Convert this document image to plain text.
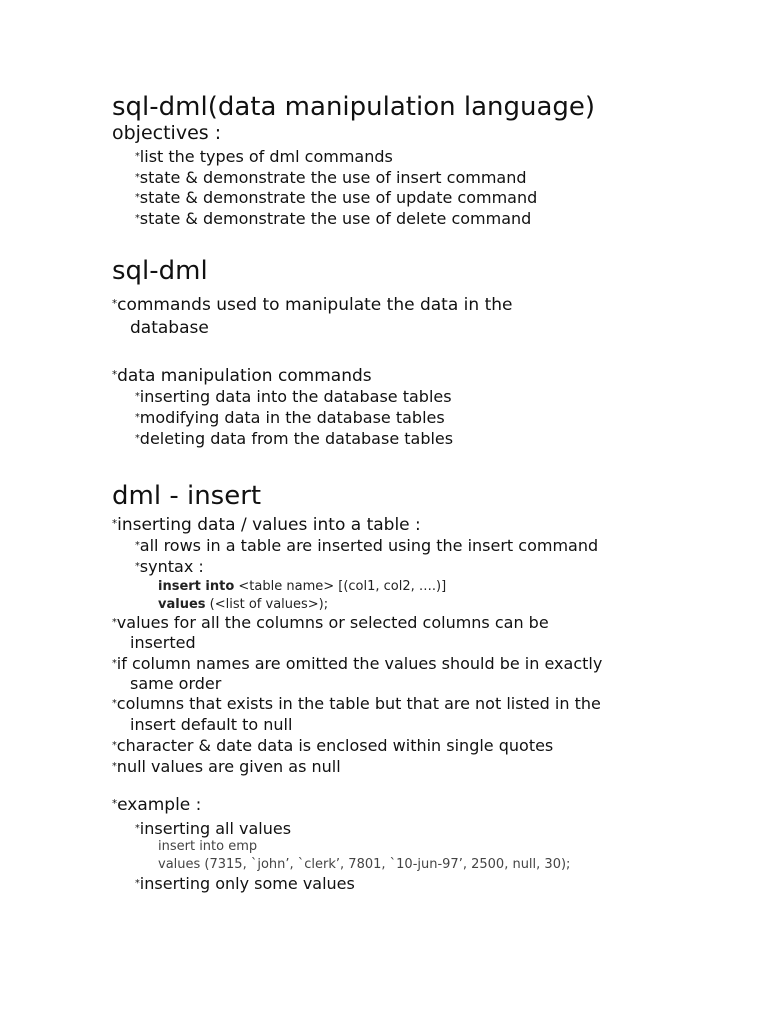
sql-dml(data manipulation language)
objectives :
*list the types of dml commands
*state & demonstrate the use of insert command
*state & demonstrate the use of update command
*state & demonstrate the use of delete command
sql-dml
*commands used to manipulate the data in the
database
*data manipulation commands
*inserting data into the database tables
*modifying data in the database tables
*deleting data from the database tables
dml - insert
*inserting data / values into a table :
*all rows in a table are inserted using the insert command
*syntax :
insert into <table name> [(col1, col2, ….)]
values (<list of values>);
*values for all the columns or selected columns can be
inserted
*if column names are omitted the values should be in exactly
same order
*columns that exists in the table but that are not listed in the
insert default to null
*character & date data is enclosed within single quotes
*null values are given as null
*example :
*inserting all values
insert into emp
values (7315, `john’, `clerk’, 7801, `10-jun-97’, 2500, null, 30);
*inserting only some values
